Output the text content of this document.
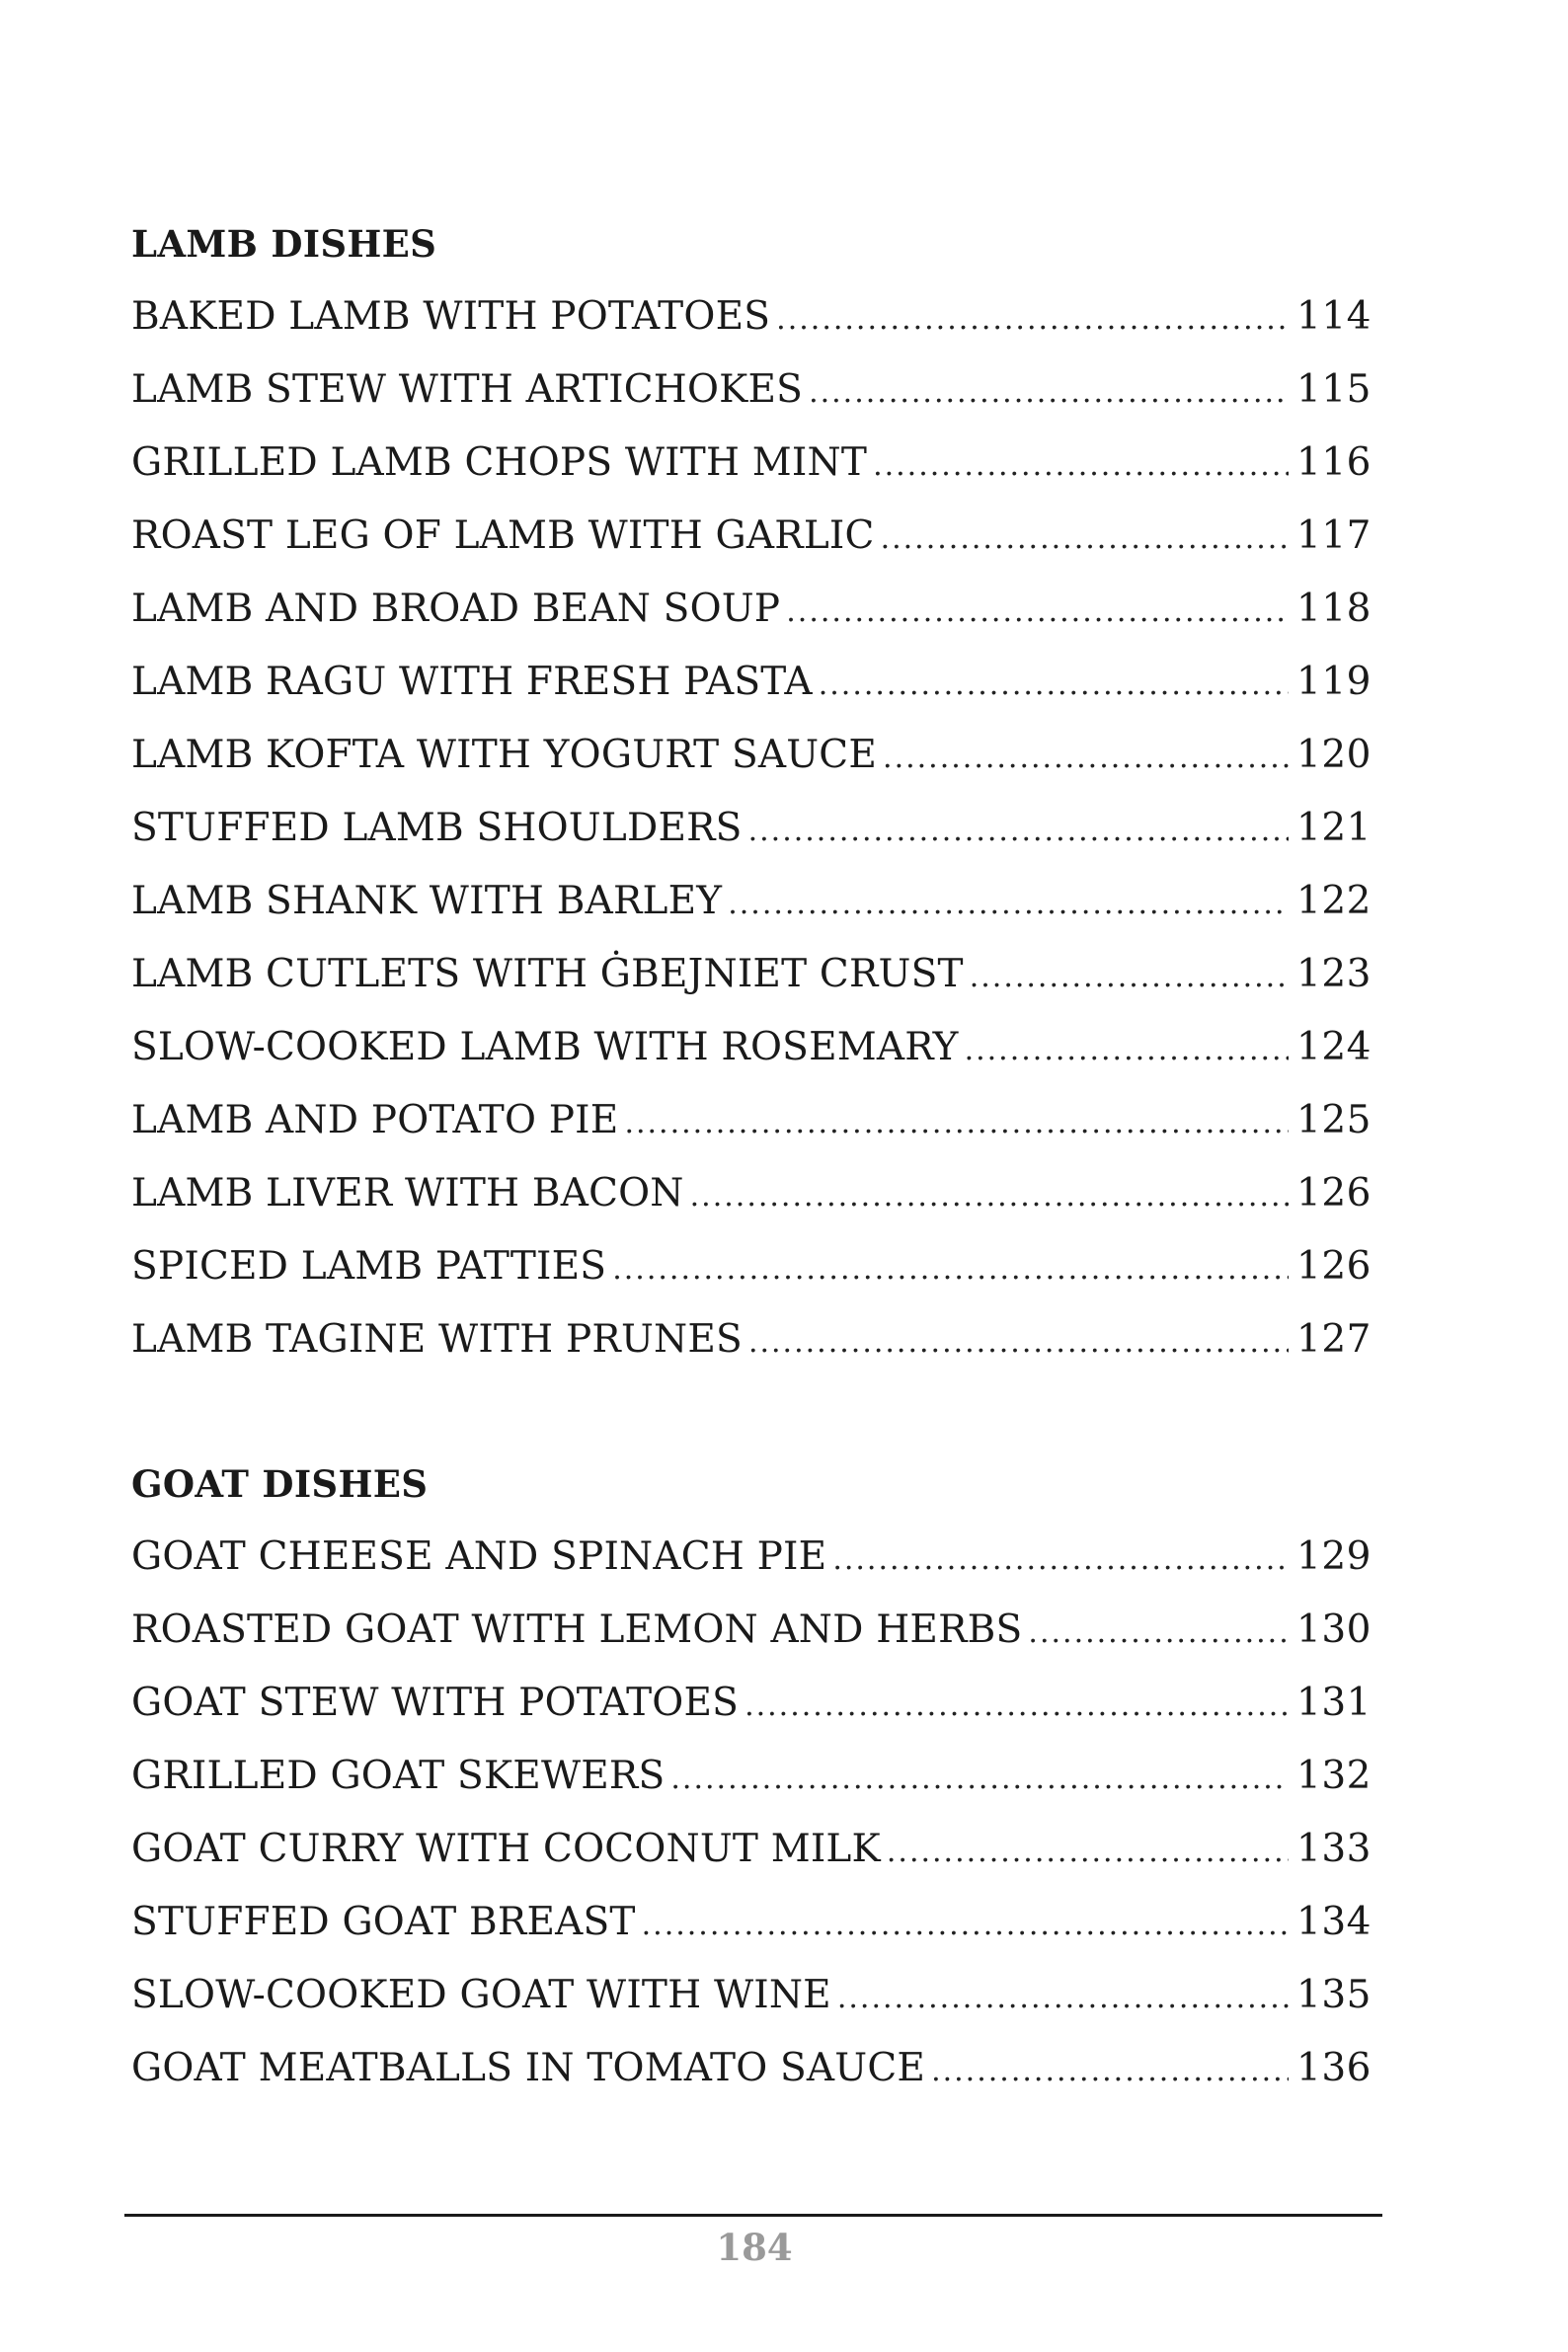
LAMB DISHES
BAKED LAMB WITH POTATOES .....	114
LAMB STEW WITH ARTICHOKES .....	115
GRILLED LAMB CHOPS WITH MINT .....	116
ROAST LEG OF LAMB WITH GARLIC .....	117
LAMB AND BROAD BEAN SOUP .....	118
LAMB RAGU WITH FRESH PASTA .....	119
LAMB KOFTA WITH YOGURT SAUCE .....	120
STUFFED LAMB SHOULDERS .....	121
LAMB SHANK WITH BARLEY .....	122
LAMB CUTLETS WITH ĠBEJNIET CRUST .....	123
SLOW-COOKED LAMB WITH ROSEMARY .....	124
LAMB AND POTATO PIE .....	125
LAMB LIVER WITH BACON .....	126
SPICED LAMB PATTIES .....	126
LAMB TAGINE WITH PRUNES .....	127
GOAT DISHES
GOAT CHEESE AND SPINACH PIE .....	129
ROASTED GOAT WITH LEMON AND HERBS .....	130
GOAT STEW WITH POTATOES .....	131
GRILLED GOAT SKEWERS .....	132
GOAT CURRY WITH COCONUT MILK .....	133
STUFFED GOAT BREAST .....	134
SLOW-COOKED GOAT WITH WINE .....	135
GOAT MEATBALLS IN TOMATO SAUCE .....	136
184
